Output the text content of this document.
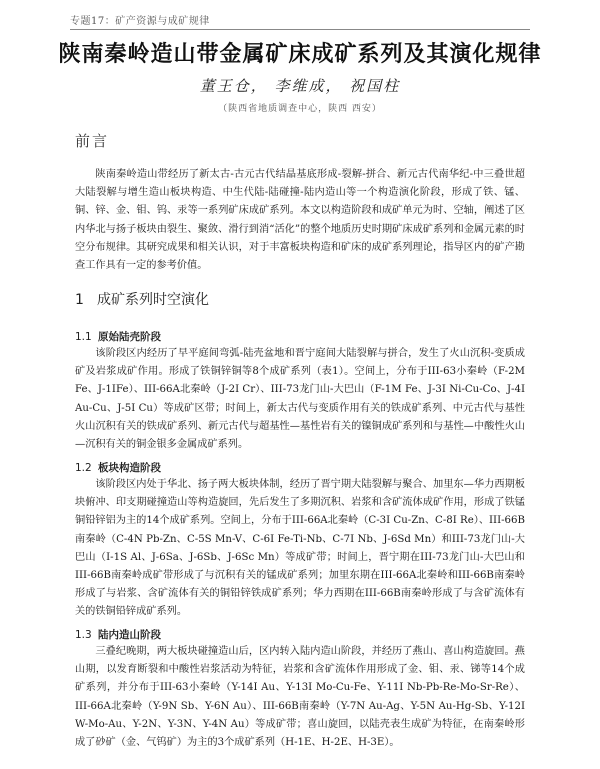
专题17：矿产资源与成矿规律
陕南秦岭造山带金属矿床成矿系列及其演化规律
董王仓， 李维成， 祝国柱
（陕西省地质调查中心，陕西 西安）
前言

陕南秦岭造山带经历了新太古-古元古代结晶基底形成-裂解-拼合、新元古代南华纪-中三叠世超大陆裂解与增生造山板块构造、中生代陆-陆碰撞-陆内造山等一个构造演化阶段，形成了铁、锰、铜、锌、金、钼、钨、汞等一系列矿床成矿系列。本文以构造阶段和成矿单元为时、空轴，阐述了区内华北与扬子板块由裂生、聚敛、滑行到消“活化”的整个地质历史时期矿床成矿系列和金属元素的时空分布规律。其研究成果和相关认识，对于丰富板块构造和矿床的成矿系列理论，指导区内的矿产勘查工作具有一定的参考价值。

1 成矿系列时空演化
1.1 原始陆壳阶段

该阶段区内经历了早平庭间弯弧-陆壳盆地和晋宁庭间大陆裂解与拼合，发生了火山沉积-变质成矿及岩浆成矿作用。形成了铁铜锌铜等8个成矿系列（表1）。空间上，分布于III-63小秦岭（F-2M Fe、J-1IFe）、III-66A北秦岭（J-2I Cr）、III-73龙门山-大巴山（F-1M Fe、J-3I Ni-Cu-Co、J-4I Au-Cu、J-5I Cu）等成矿区带；时间上，新太古代与变质作用有关的铁成矿系列、中元古代与基性火山沉积有关的铁成矿系列、新元古代与超基性—基性岩有关的镍铜成矿系列和与基性—中酸性火山—沉积有关的铜金银多金属成矿系列。

1.2 板块构造阶段

该阶段区内处于华北、扬子两大板块体制，经历了晋宁期大陆裂解与聚合、加里东—华力西期板块俯冲、印支期碰撞造山等构造旋回，先后发生了多期沉积、岩浆和含矿流体成矿作用，形成了铁锰铜铅锌铝为主的14个成矿系列。空间上，分布于III-66A北秦岭（C-3I Cu-Zn、C-8I Re）、III-66B南秦岭（C-4N Pb-Zn、C-5S Mn-V、C-6I Fe-Ti-Nb、C-7I Nb、J-6Sd Mn）和III-73龙门山-大巴山（I-1S Al、J-6Sa、J-6Sb、J-6Sc Mn）等成矿带；时间上，晋宁期在III-73龙门山-大巴山和III-66B南秦岭成矿带形成了与沉积有关的锰成矿系列；加里东期在III-66A北秦岭和III-66B南秦岭形成了与岩浆、含矿流体有关的铜铅锌铁成矿系列；华力西期在III-66B南秦岭形成了与含矿流体有关的铁铜铅锌成矿系列。

1.3 陆内造山阶段

三叠纪晚期，两大板块碰撞造山后，区内转入陆内造山阶段，并经历了燕山、喜山构造旋回。燕山期，以发育断裂和中酸性岩浆活动为特征，岩浆和含矿流体作用形成了金、钼、汞、锑等14个成矿系列，并分布于III-63小秦岭（Y-14I Au、Y-13I Mo-Cu-Fe、Y-11I Nb-Pb-Re-Mo-Sr-Re）、III-66A北秦岭（Y-9N Sb、Y-6N Au）、III-66B南秦岭（Y-7N Au-Ag、Y-5N Au-Hg-Sb、Y-12I W-Mo-Au、Y-2N、Y-3N、Y-4N Au）等成矿带；喜山旋回，以陆壳表生成矿为特征，在南秦岭形成了砂矿（金、气钨矿）为主的3个成矿系列（H-1E、H-2E、H-3E）。
